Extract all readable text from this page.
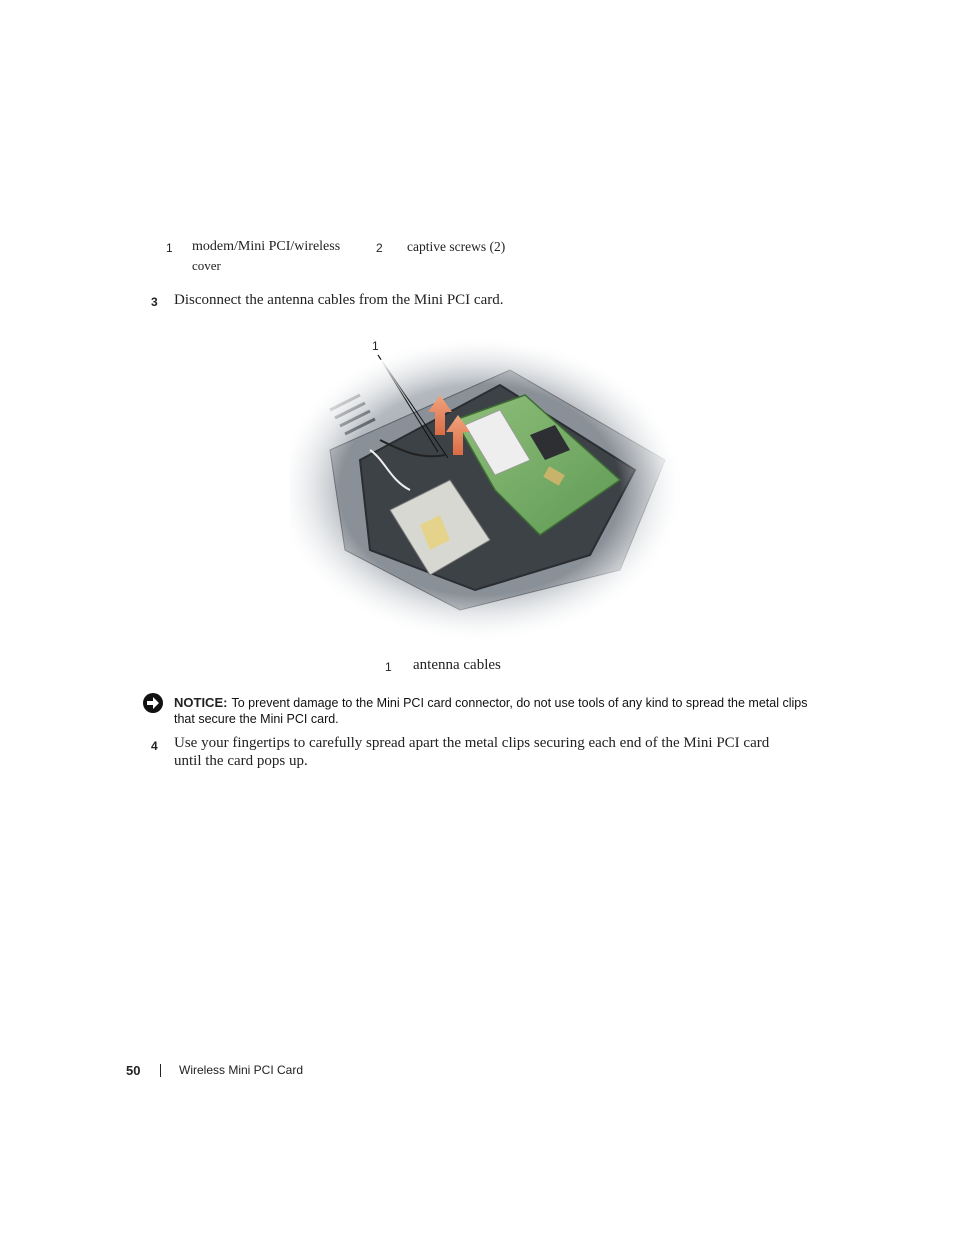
1 modem/Mini PCI/wireless
cover
2 captive screws (2)
3 Disconnect the antenna cables from the Mini PCI card.
1
1 antenna cables
NOTICE: To prevent damage to the Mini PCI card connector, do not use tools of any kind to spread the metal clips
that secure the Mini PCI card.
4 Use your fingertips to carefully spread apart the metal clips securing each end of the Mini PCI card
until the card pops up.
50	Wireless Mini PCI Card
